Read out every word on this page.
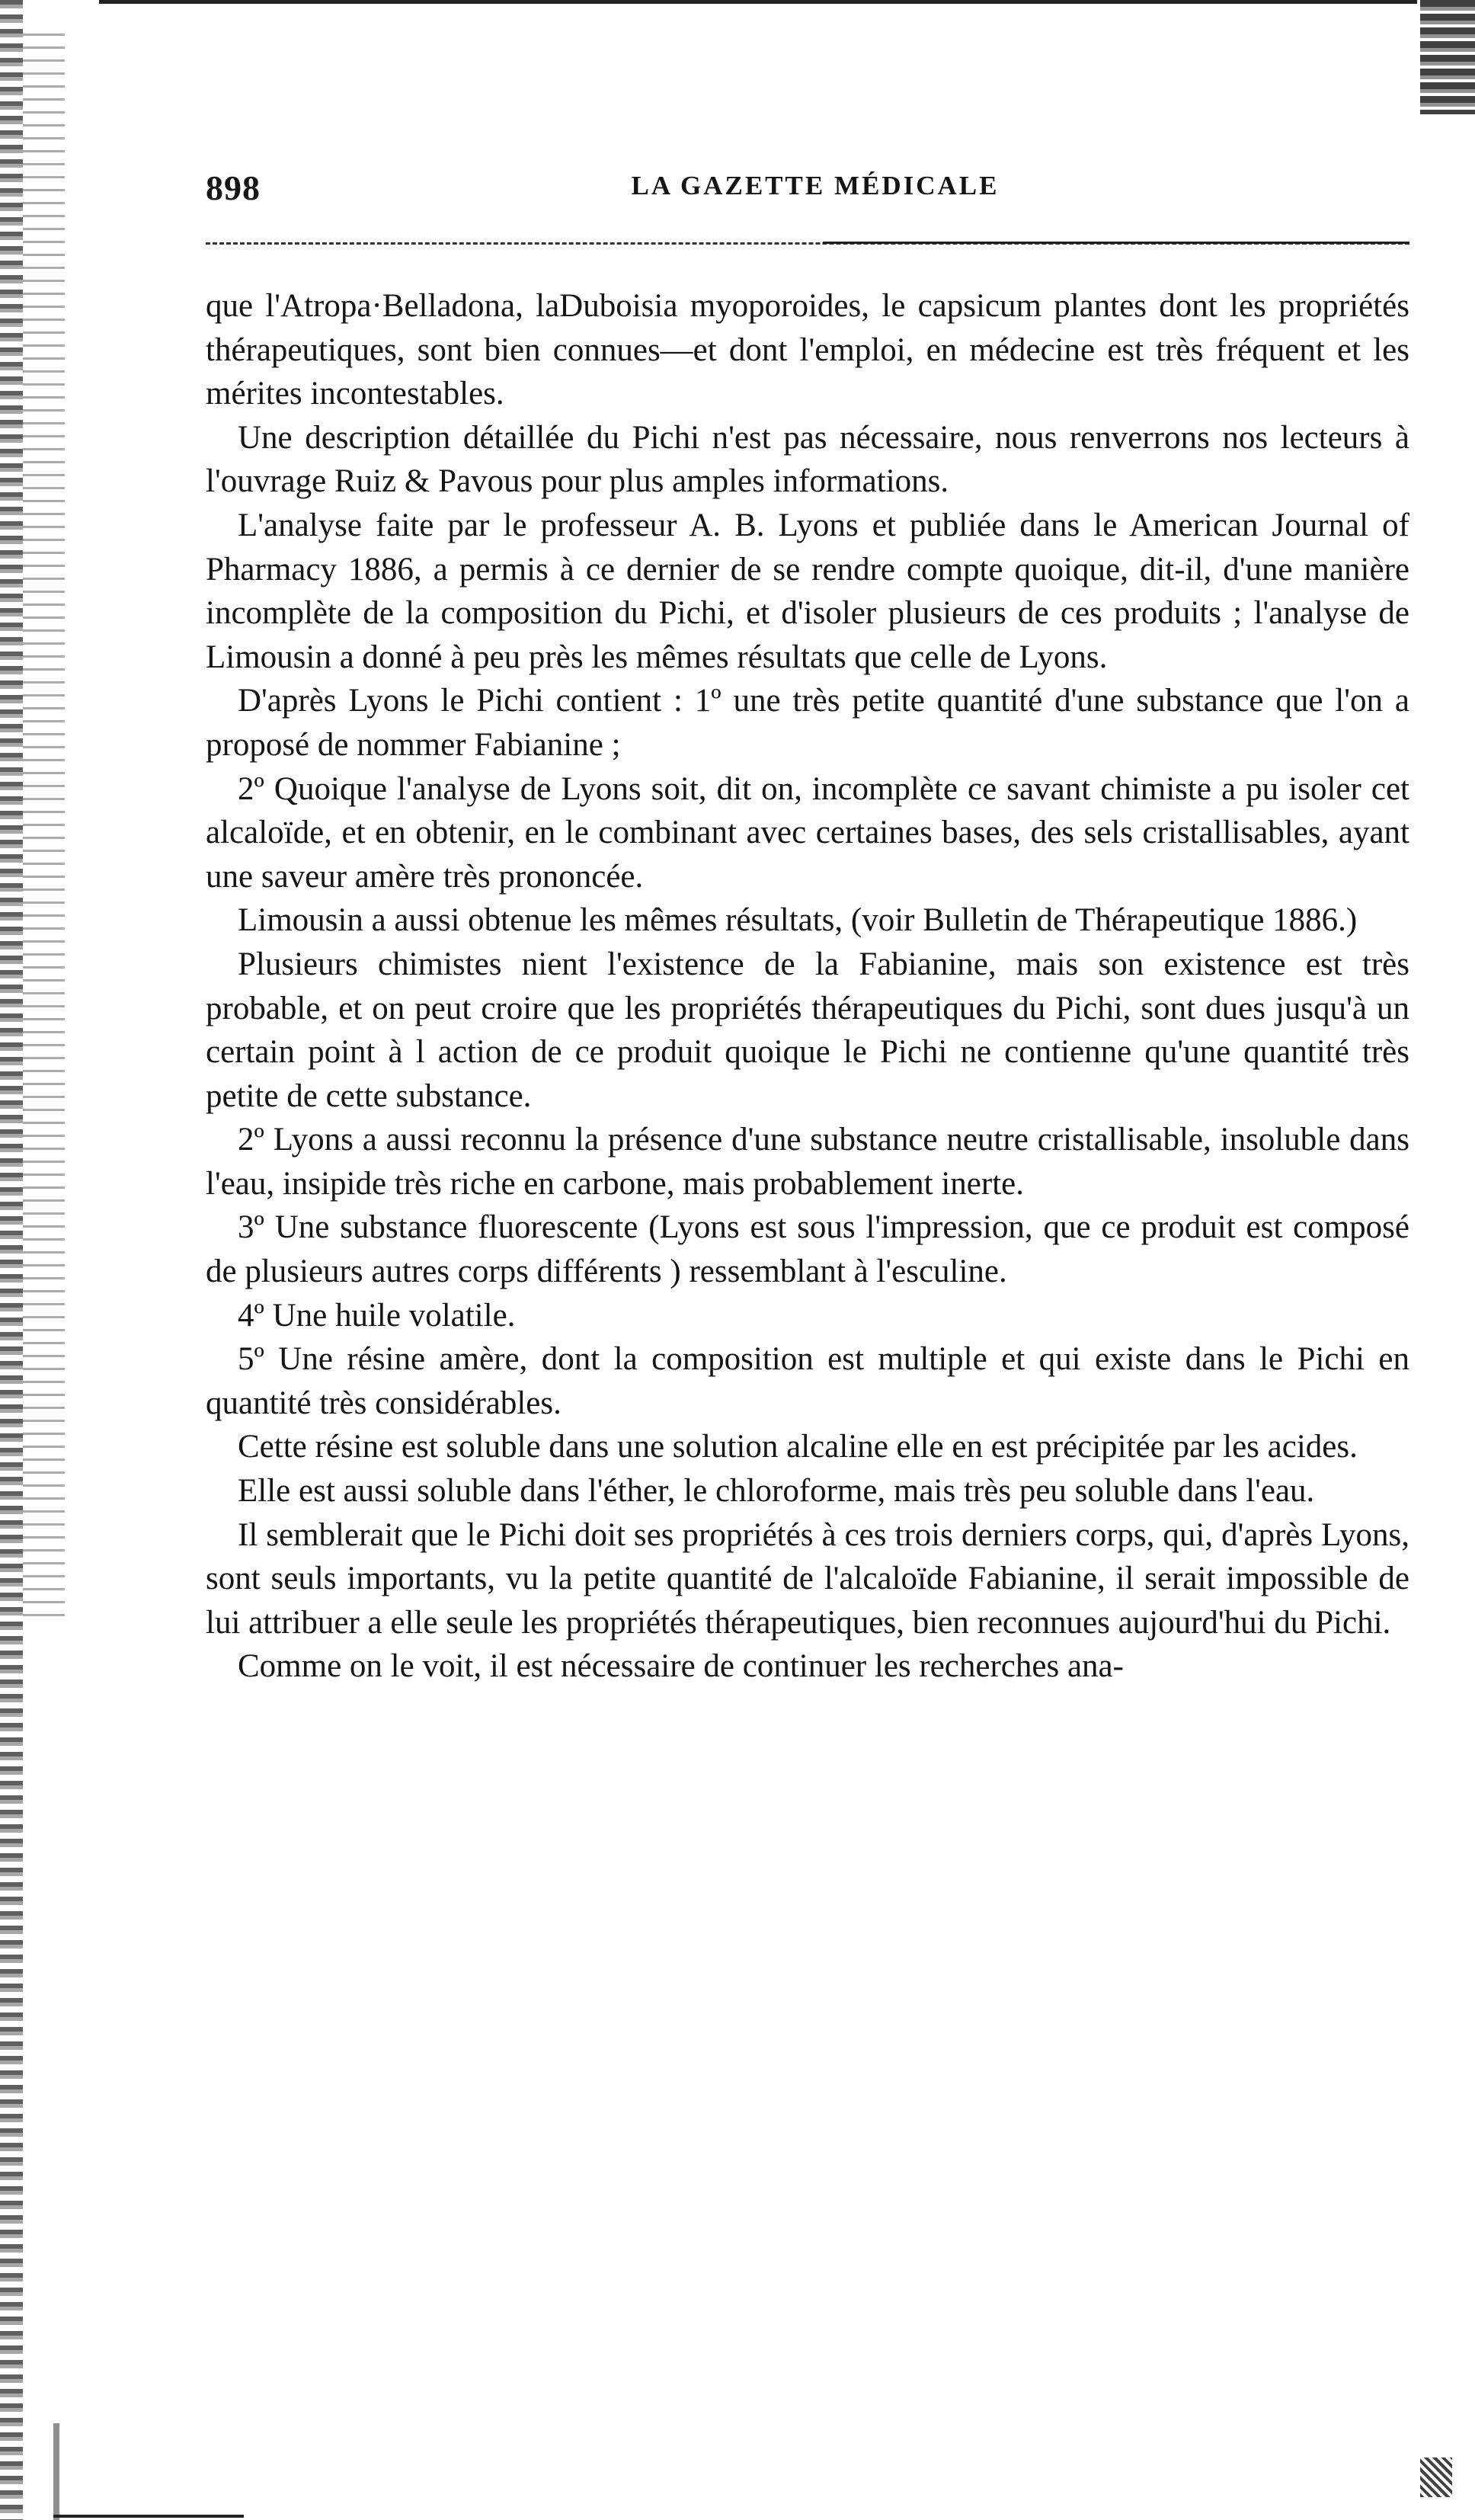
898	LA GAZETTE MÉDICALE

que l'Atropa·Belladona, laDuboisia myoporoides, le capsicum plantes dont les propriétés thérapeutiques, sont bien connues—et dont l'emploi, en médecine est très fréquent et les mérites incontestables.

Une description détaillée du Pichi n'est pas nécessaire, nous renverrons nos lecteurs à l'ouvrage Ruiz & Pavous pour plus amples informations.

L'analyse faite par le professeur A. B. Lyons et publiée dans le American Journal of Pharmacy 1886, a permis à ce dernier de se rendre compte quoique, dit-il, d'une manière incomplète de la composition du Pichi, et d'isoler plusieurs de ces produits ; l'analyse de Limousin a donné à peu près les mêmes résultats que celle de Lyons.

D'après Lyons le Pichi contient : 1º une très petite quantité d'une substance que l'on a proposé de nommer Fabianine ;

2º Quoique l'analyse de Lyons soit, dit on, incomplète ce savant chimiste a pu isoler cet alcaloïde, et en obtenir, en le combinant avec certaines bases, des sels cristallisables, ayant une saveur amère très prononcée.

Limousin a aussi obtenue les mêmes résultats, (voir Bulletin de Thérapeutique 1886.)

Plusieurs chimistes nient l'existence de la Fabianine, mais son existence est très probable, et on peut croire que les propriétés thérapeutiques du Pichi, sont dues jusqu'à un certain point à l action de ce produit quoique le Pichi ne contienne qu'une quantité très petite de cette substance.

2º Lyons a aussi reconnu la présence d'une substance neutre cristallisable, insoluble dans l'eau, insipide très riche en carbone, mais probablement inerte.

3º Une substance fluorescente (Lyons est sous l'impression, que ce produit est composé de plusieurs autres corps différents ) ressemblant à l'esculine.

4º Une huile volatile.

5º Une résine amère, dont la composition est multiple et qui existe dans le Pichi en quantité très considérables.

Cette résine est soluble dans une solution alcaline elle en est précipitée par les acides.

Elle est aussi soluble dans l'éther, le chloroforme, mais très peu soluble dans l'eau.

Il semblerait que le Pichi doit ses propriétés à ces trois derniers corps, qui, d'après Lyons, sont seuls importants, vu la petite quantité de l'alcaloïde Fabianine, il serait impossible de lui attribuer a elle seule les propriétés thérapeutiques, bien reconnues aujourd'hui du Pichi.

Comme on le voit, il est nécessaire de continuer les recherches ana-
